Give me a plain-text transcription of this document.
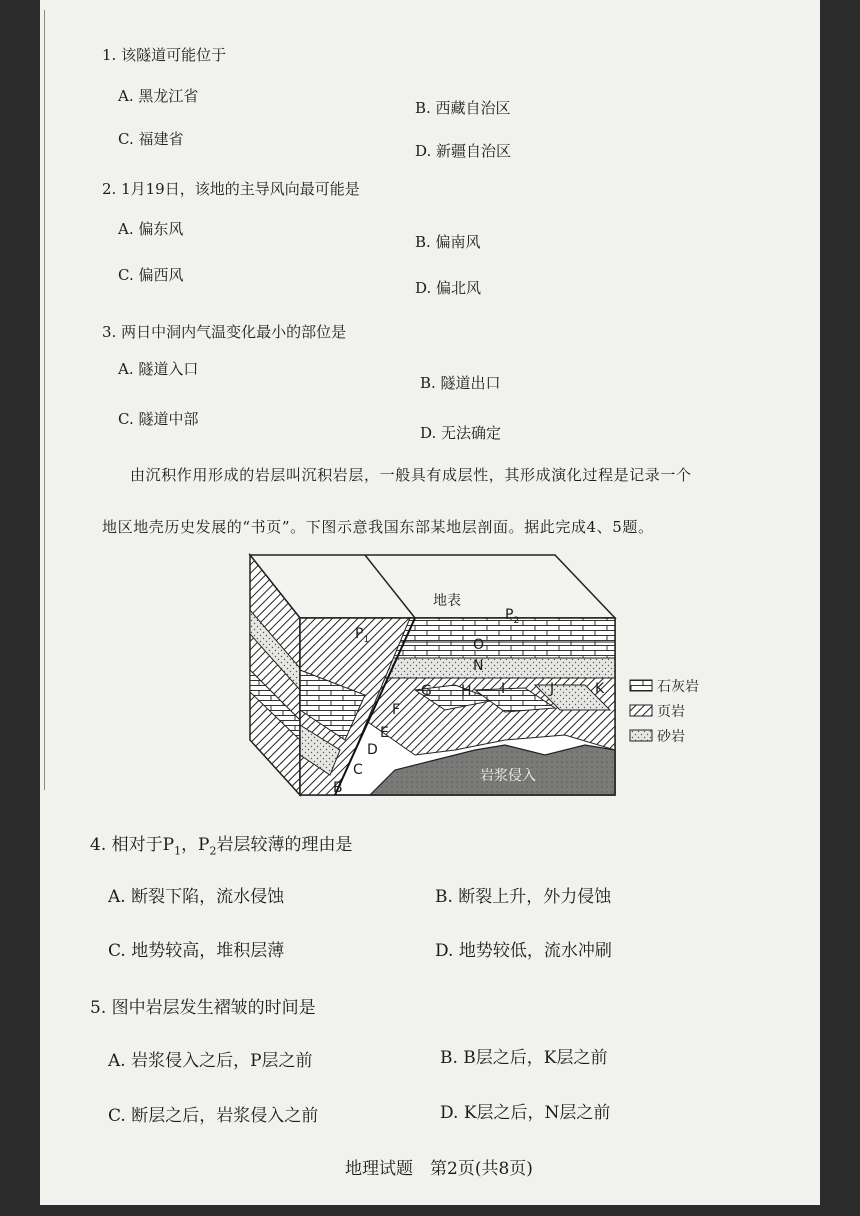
1. 该隧道可能位于
A. 黑龙江省
B. 西藏自治区
C. 福建省
D. 新疆自治区
2. 1月19日，该地的主导风向最可能是
A. 偏东风
B. 偏南风
C. 偏西风
D. 偏北风
3. 两日中洞内气温变化最小的部位是
A. 隧道入口
B. 隧道出口
C. 隧道中部
D. 无法确定
由沉积作用形成的岩层叫沉积岩层，一般具有成层性，其形成演化过程是记录一个
地区地壳历史发展的“书页”。下图示意我国东部某地层剖面。据此完成4、5题。
地表
$P_2$
$P_1$	O
N
G H I	J	K
F
E
D
C
B
岩浆侵入
石灰岩
页岩
砂岩
4. 相对于$P_1$，$P_2$岩层较薄的理由是
A. 断裂下陷，流水侵蚀	B. 断裂上升，外力侵蚀
C. 地势较高，堆积层薄	D. 地势较低，流水冲刷
5. 图中岩层发生褶皱的时间是
A. 岩浆侵入之后，P层之前	B. B层之后，K层之前
C. 断层之后，岩浆侵入之前	D. K层之后，N层之前
地理试题　第2页(共8页)
